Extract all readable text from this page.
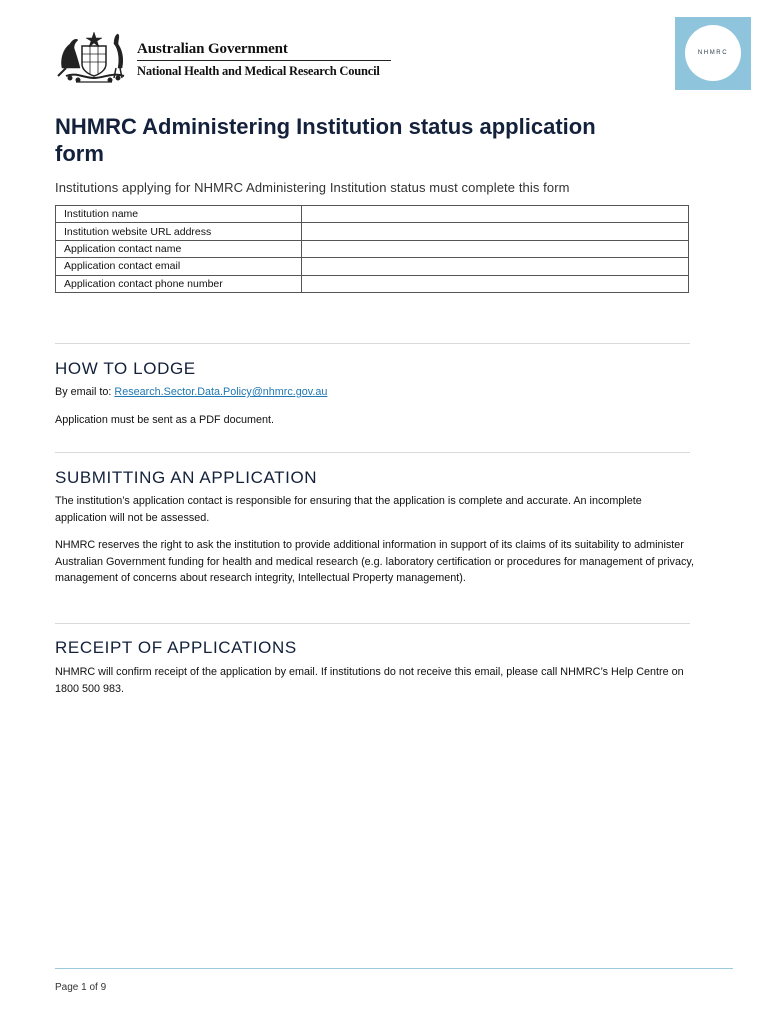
Australian Government
National Health and Medical Research Council
NHMRC
NHMRC Administering Institution status application form
Institutions applying for NHMRC Administering Institution status must complete this form
Institution name	
Institution website URL address	
Application contact name	
Application contact email	
Application contact phone number	
HOW TO LODGE
By email to: Research.Sector.Data.Policy@nhmrc.gov.au
Application must be sent as a PDF document.
SUBMITTING AN APPLICATION
The institution’s application contact is responsible for ensuring that the application is complete and accurate. An incomplete application will not be assessed.
NHMRC reserves the right to ask the institution to provide additional information in support of its claims of its suitability to administer Australian Government funding for health and medical research (e.g. laboratory certification or procedures for management of privacy, management of concerns about research integrity, Intellectual Property management).
RECEIPT OF APPLICATIONS
NHMRC will confirm receipt of the application by email. If institutions do not receive this email, please call NHMRC’s Help Centre on 1800 500 983.
Page 1 of 9
